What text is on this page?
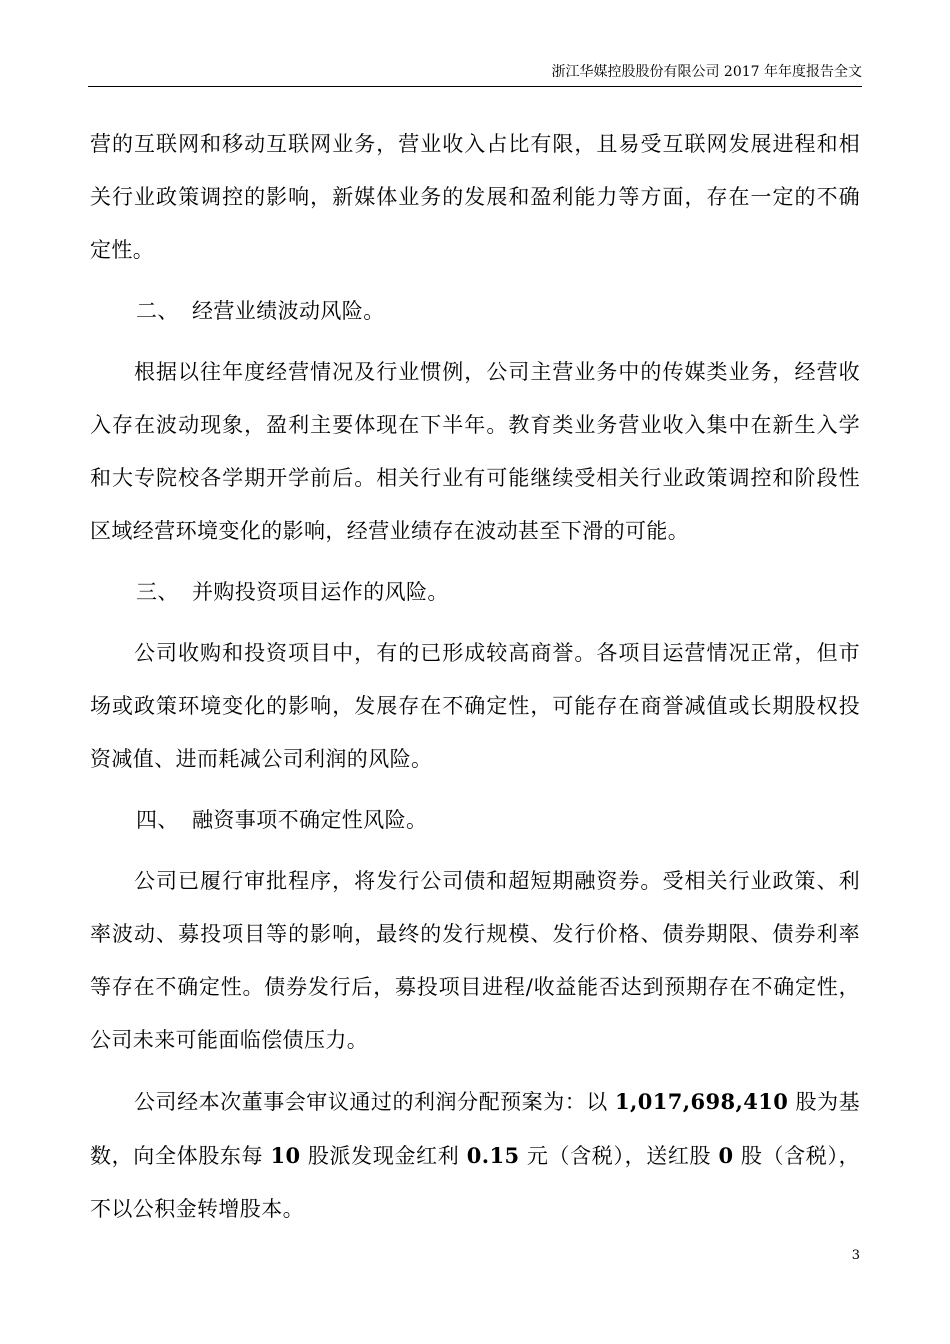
浙江华媒控股股份有限公司 2017 年年度报告全文

营的互联网和移动互联网业务，营业收入占比有限，且易受互联网发展进程和相关行业政策调控的影响，新媒体业务的发展和盈利能力等方面，存在一定的不确定性。

二、 经营业绩波动风险。

根据以往年度经营情况及行业惯例，公司主营业务中的传媒类业务，经营收入存在波动现象，盈利主要体现在下半年。教育类业务营业收入集中在新生入学和大专院校各学期开学前后。相关行业有可能继续受相关行业政策调控和阶段性区域经营环境变化的影响，经营业绩存在波动甚至下滑的可能。

三、 并购投资项目运作的风险。

公司收购和投资项目中，有的已形成较高商誉。各项目运营情况正常，但市场或政策环境变化的影响，发展存在不确定性，可能存在商誉减值或长期股权投资减值、进而耗减公司利润的风险。

四、 融资事项不确定性风险。

公司已履行审批程序，将发行公司债和超短期融资券。受相关行业政策、利率波动、募投项目等的影响，最终的发行规模、发行价格、债券期限、债券利率等存在不确定性。债券发行后，募投项目进程/收益能否达到预期存在不确定性，公司未来可能面临偿债压力。

公司经本次董事会审议通过的利润分配预案为：以 1,017,698,410 股为基数，向全体股东每 10 股派发现金红利 0.15 元（含税），送红股 0 股（含税），不以公积金转增股本。

3
